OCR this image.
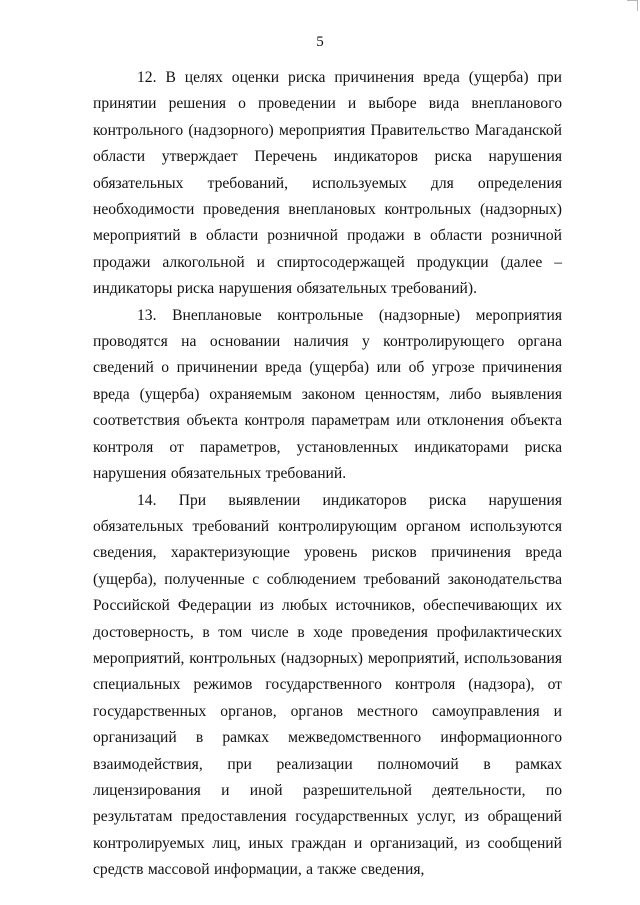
5

12. В целях оценки риска причинения вреда (ущерба) при принятии решения о проведении и выборе вида внепланового контрольного (надзорного) мероприятия Правительство Магаданской области утверждает Перечень индикаторов риска нарушения обязательных требований, используемых для определения необходимости проведения внеплановых контрольных (надзорных) мероприятий в области розничной продажи в области розничной продажи алкогольной и спиртосодержащей продукции (далее – индикаторы риска нарушения обязательных требований).

13. Внеплановые контрольные (надзорные) мероприятия проводятся на основании наличия у контролирующего органа сведений о причинении вреда (ущерба) или об угрозе причинения вреда (ущерба) охраняемым законом ценностям, либо выявления соответствия объекта контроля параметрам или отклонения объекта контроля от параметров, установленных индикаторами риска нарушения обязательных требований.

14. При выявлении индикаторов риска нарушения обязательных требований контролирующим органом используются сведения, характеризующие уровень рисков причинения вреда (ущерба), полученные с соблюдением требований законодательства Российской Федерации из любых источников, обеспечивающих их достоверность, в том числе в ходе проведения профилактических мероприятий, контрольных (надзорных) мероприятий, использования специальных режимов государственного контроля (надзора), от государственных органов, органов местного самоуправления и организаций в рамках межведомственного информационного взаимодействия, при реализации полномочий в рамках лицензирования и иной разрешительной деятельности, по результатам предоставления государственных услуг, из обращений контролируемых лиц, иных граждан и организаций, из сообщений средств массовой информации, а также сведения,
